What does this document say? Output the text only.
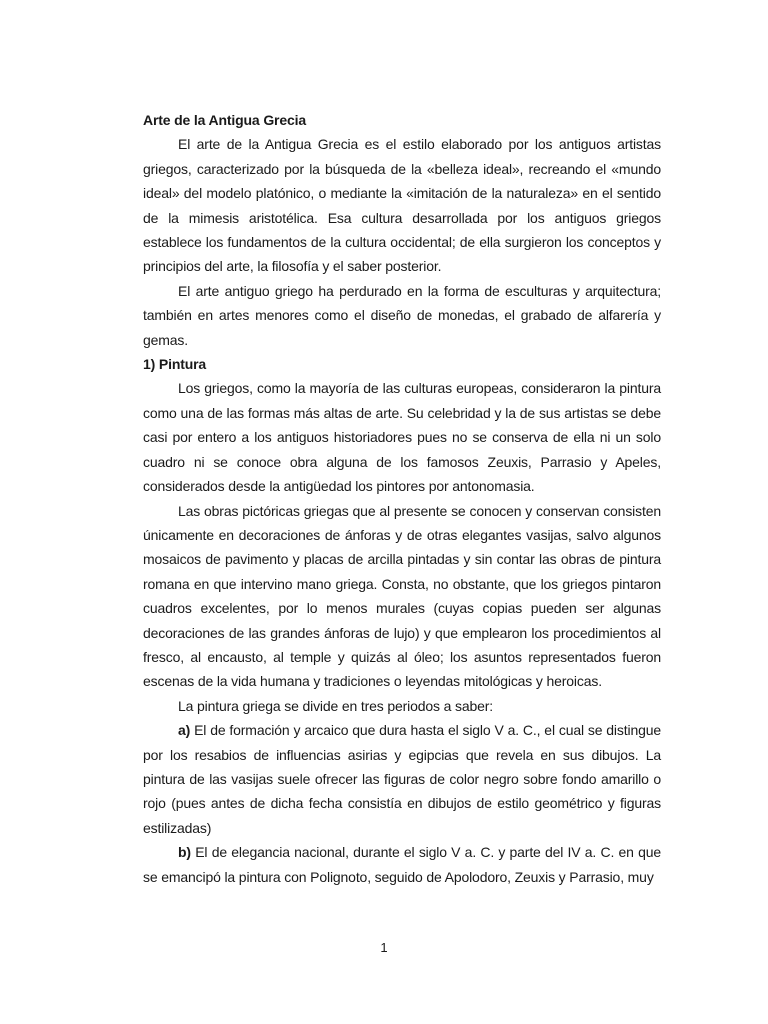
Arte de la Antigua Grecia

El arte de la Antigua Grecia es el estilo elaborado por los antiguos artistas griegos, caracterizado por la búsqueda de la «belleza ideal», recreando el «mundo ideal» del modelo platónico, o mediante la «imitación de la naturaleza» en el sentido de la mimesis aristotélica. Esa cultura desarrollada por los antiguos griegos establece los fundamentos de la cultura occidental; de ella surgieron los conceptos y principios del arte, la filosofía y el saber posterior.

El arte antiguo griego ha perdurado en la forma de esculturas y arquitectura; también en artes menores como el diseño de monedas, el grabado de alfarería y gemas.

1) Pintura

Los griegos, como la mayoría de las culturas europeas, consideraron la pintura como una de las formas más altas de arte. Su celebridad y la de sus artistas se debe casi por entero a los antiguos historiadores pues no se conserva de ella ni un solo cuadro ni se conoce obra alguna de los famosos Zeuxis, Parrasio y Apeles, considerados desde la antigüedad los pintores por antonomasia.

Las obras pictóricas griegas que al presente se conocen y conservan consisten únicamente en decoraciones de ánforas y de otras elegantes vasijas, salvo algunos mosaicos de pavimento y placas de arcilla pintadas y sin contar las obras de pintura romana en que intervino mano griega. Consta, no obstante, que los griegos pintaron cuadros excelentes, por lo menos murales (cuyas copias pueden ser algunas decoraciones de las grandes ánforas de lujo) y que emplearon los procedimientos al fresco, al encausto, al temple y quizás al óleo; los asuntos representados fueron escenas de la vida humana y tradiciones o leyendas mitológicas y heroicas.

La pintura griega se divide en tres periodos a saber:

a) El de formación y arcaico que dura hasta el siglo V a. C., el cual se distingue por los resabios de influencias asirias y egipcias que revela en sus dibujos. La pintura de las vasijas suele ofrecer las figuras de color negro sobre fondo amarillo o rojo (pues antes de dicha fecha consistía en dibujos de estilo geométrico y figuras estilizadas)

b) El de elegancia nacional, durante el siglo V a. C. y parte del IV a. C. en que se emancipó la pintura con Polignoto, seguido de Apolodoro, Zeuxis y Parrasio, muy

1
